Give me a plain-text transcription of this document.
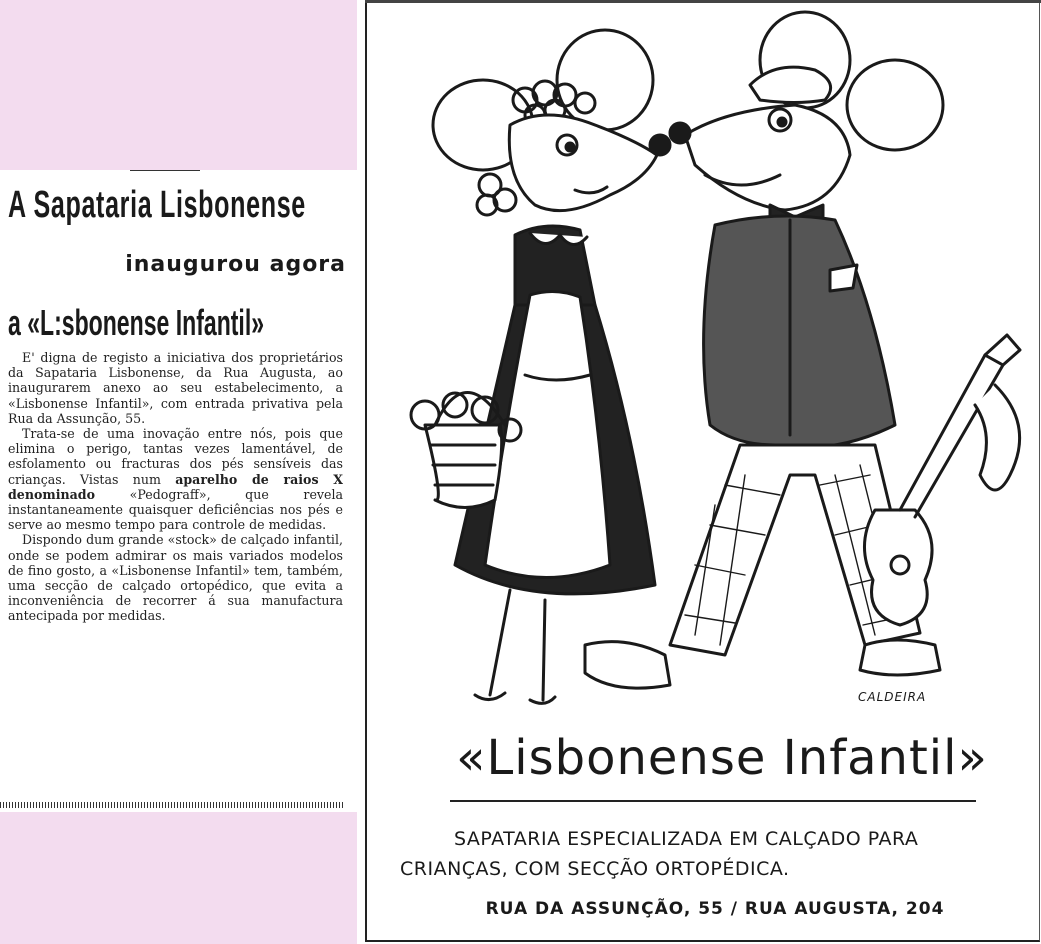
A Sapataria Lisbonense
inaugurou agora
a «L:sbonense Infantil»

E' digna de registo a iniciativa dos proprietários da Sapataria Lisbonense, da Rua Augusta, ao inaugurarem anexo ao seu estabelecimento, a «Lisbonense Infantil», com entrada privativa pela Rua da Assunção, 55.

Trata-se de uma inovação entre nós, pois que elimina o perigo, tantas vezes lamentável, de esfolamento ou fracturas dos pés sensíveis das crianças. Vistas num aparelho de raios X denominado «Pedograff», que revela instantaneamente quaisquer deficiências nos pés e serve ao mesmo tempo para controle de medidas.

Dispondo dum grande «stock» de calçado infantil, onde se podem admirar os mais variados modelos de fino gosto, a «Lisbonense Infantil» tem, também, uma secção de calçado ortopédico, que evita a inconveniência de recorrer á sua manufactura antecipada por medidas.

CALDEIRA
«Lisbonense Infantil»
SAPATARIA ESPECIALIZADA EM CALÇADO PARA CRIANÇAS, COM SECÇÃO ORTOPÉDICA.
RUA DA ASSUNÇÃO, 55 / RUA AUGUSTA, 204
